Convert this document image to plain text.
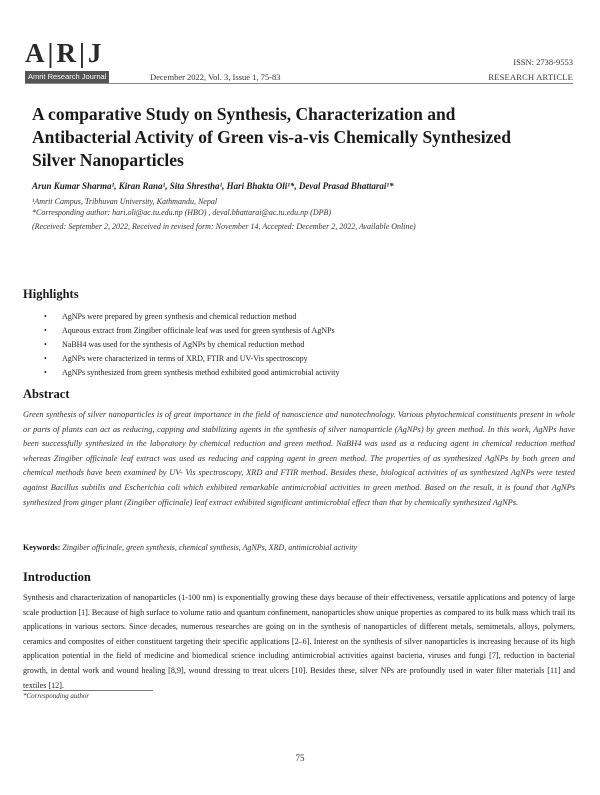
A|R|J
Amrit Research Journal	December 2022, Vol. 3, Issue 1, 75-83
ISSN: 2738-9553
RESEARCH ARTICLE
A comparative Study on Synthesis, Characterization and Antibacterial Activity of Green vis-a-vis Chemically Synthesized Silver Nanoparticles
Arun Kumar Sharma¹, Kiran Rana¹, Sita Shrestha¹, Hari Bhakta Oli¹*, Deval Prasad Bhattarai¹*
¹Amrit Campus, Tribhuvan University, Kathmandu, Nepal
*Corresponding author: hari.oli@ac.tu.edu.np (HBO) , deval.bhattarai@ac.tu.edu.np (DPB)
(Received: September 2, 2022, Received in revised form: November 14, Accepted: December 2, 2022, Available Online)
Highlights
• AgNPs were prepared by green synthesis and chemical reduction method
• Aqueous extract from Zingiber officinale leaf was used for green synthesis of AgNPs
• NaBH4 was used for the synthesis of AgNPs by chemical reduction method
• AgNPs were characterized in terms of XRD, FTIR and UV-Vis spectroscopy
• AgNPs synthesized from green synthesis method exhibited good antimicrobial activity
Abstract
Green synthesis of silver nanoparticles is of great importance in the field of nanoscience and nanotechnology. Various phytochemical constituents present in whole or parts of plants can act as reducing, capping and stabilizing agents in the synthesis of silver nanoparticle (AgNPs) by green method. In this work, AgNPs have been successfully synthesized in the laboratory by chemical reduction and green method. NaBH4 was used as a reducing agent in chemical reduction method whereas Zingiber officinale leaf extract was used as reducing and capping agent in green method. The properties of as synthesized AgNPs by both green and chemical methods have been examined by UV- Vis spectroscopy, XRD and FTIR method. Besides these, biological activities of as synthesized AgNPs were tested against Bacillus subtilis and Escherichia coli which exhibited remarkable antimicrobial activities in green method. Based on the result, it is found that AgNPs synthesized from ginger plant (Zingiber officinale) leaf extract exhibited significant antimicrobial effect than that by chemically synthesized AgNPs.
Keywords: Zingiber officinale, green synthesis, chemical synthesis, AgNPs, XRD, antimicrobial activity
Introduction
Synthesis and characterization of nanoparticles (1-100 nm) is exponentially growing these days because of their effectiveness, versatile applications and potency of large scale production [1]. Because of high surface to volume ratio and quantum confinement, nanoparticles show unique properties as compared to its bulk mass which trail its applications in various sectors. Since decades, numerous researches are going on in the synthesis of nanoparticles of different metals, semimetals, alloys, polymers, ceramics and composites of either constituent targeting their specific applications [2–6]. Interest on the synthesis of silver nanoparticles is increasing because of its high application potential in the field of medicine and biomedical science including antimicrobial activities against bacteria, viruses and fungi [7], reduction in bacterial growth, in dental work and wound healing [8,9], wound dressing to treat ulcers [10]. Besides these, silver NPs are profoundly used in water filter materials [11] and textiles [12].
*Corresponding author
75
